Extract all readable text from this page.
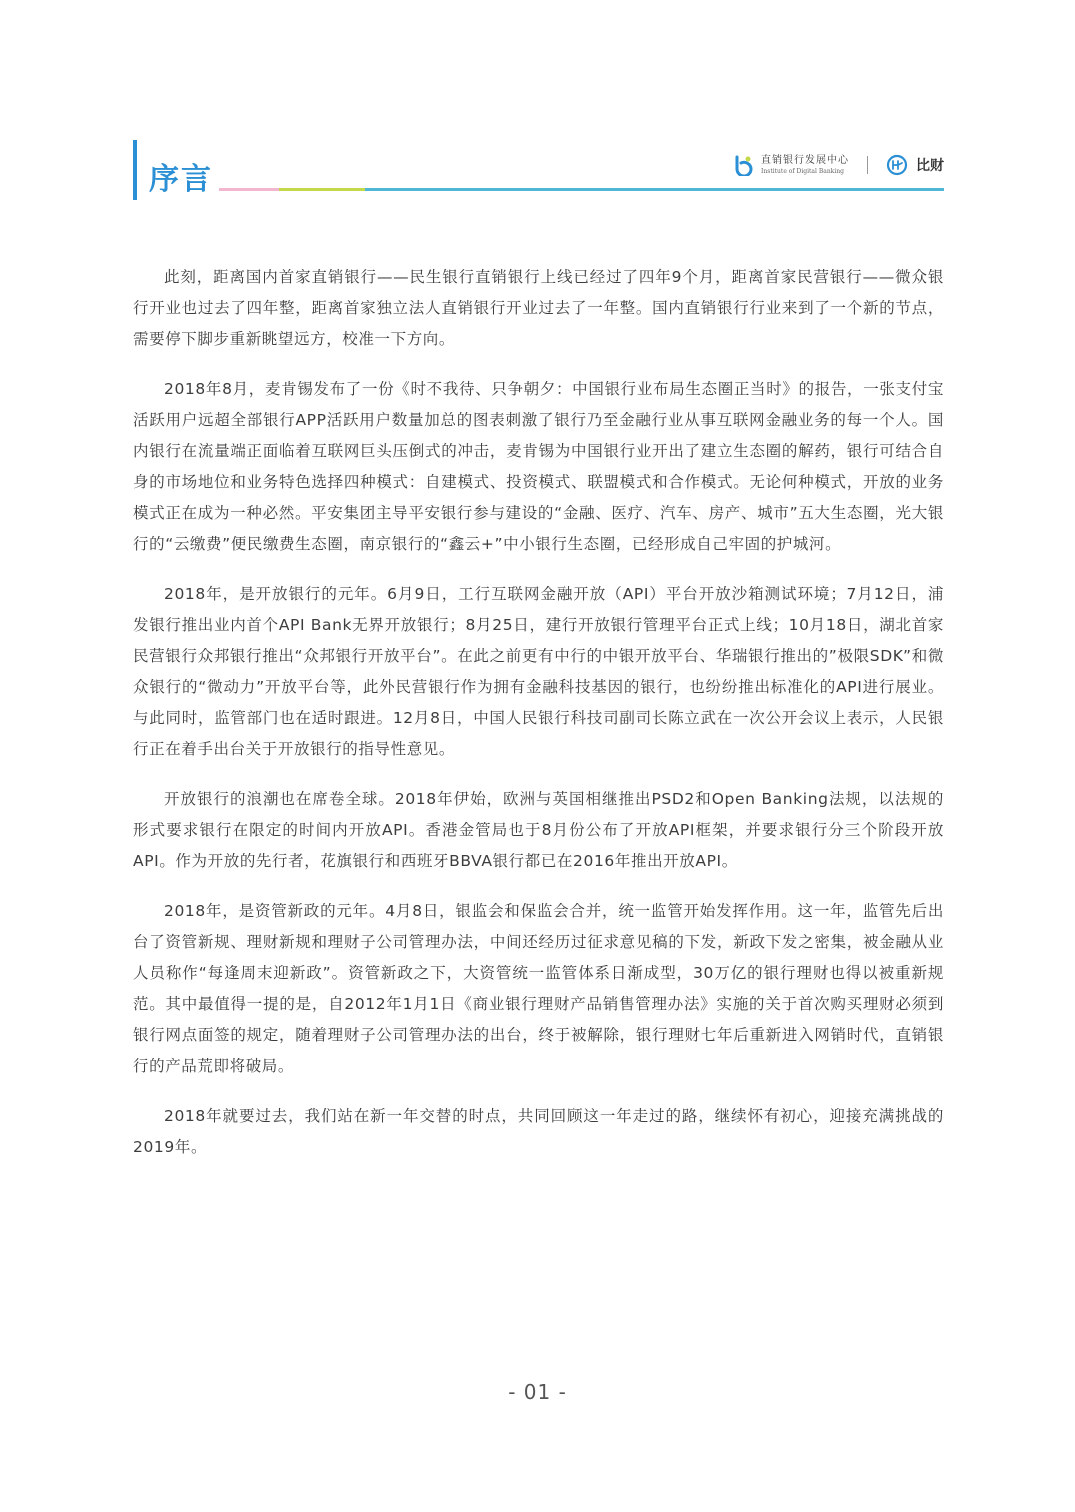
序言
直销银行发展中心
Institute of Digital Banking	比财

此刻，距离国内首家直销银行——民生银行直销银行上线已经过了四年9个月，距离首家民营银行——微众银行开业也过去了四年整，距离首家独立法人直销银行开业过去了一年整。国内直销银行行业来到了一个新的节点，需要停下脚步重新眺望远方，校准一下方向。

2018年8月，麦肯锡发布了一份《时不我待、只争朝夕：中国银行业布局生态圈正当时》的报告，一张支付宝活跃用户远超全部银行APP活跃用户数量加总的图表刺激了银行乃至金融行业从事互联网金融业务的每一个人。国内银行在流量端正面临着互联网巨头压倒式的冲击，麦肯锡为中国银行业开出了建立生态圈的解药，银行可结合自身的市场地位和业务特色选择四种模式：自建模式、投资模式、联盟模式和合作模式。无论何种模式，开放的业务模式正在成为一种必然。平安集团主导平安银行参与建设的“金融、医疗、汽车、房产、城市”五大生态圈，光大银行的“云缴费”便民缴费生态圈，南京银行的“鑫云+”中小银行生态圈，已经形成自己牢固的护城河。

2018年，是开放银行的元年。6月9日，工行互联网金融开放（API）平台开放沙箱测试环境；7月12日，浦发银行推出业内首个API Bank无界开放银行；8月25日，建行开放银行管理平台正式上线；10月18日，湖北首家民营银行众邦银行推出“众邦银行开放平台”。在此之前更有中行的中银开放平台、华瑞银行推出的”极限SDK”和微众银行的“微动力”开放平台等，此外民营银行作为拥有金融科技基因的银行，也纷纷推出标准化的API进行展业。与此同时，监管部门也在适时跟进。12月8日，中国人民银行科技司副司长陈立武在一次公开会议上表示，人民银行正在着手出台关于开放银行的指导性意见。

开放银行的浪潮也在席卷全球。2018年伊始，欧洲与英国相继推出PSD2和Open Banking法规，以法规的形式要求银行在限定的时间内开放API。香港金管局也于8月份公布了开放API框架，并要求银行分三个阶段开放API。作为开放的先行者，花旗银行和西班牙BBVA银行都已在2016年推出开放API。

2018年，是资管新政的元年。4月8日，银监会和保监会合并，统一监管开始发挥作用。这一年，监管先后出台了资管新规、理财新规和理财子公司管理办法，中间还经历过征求意见稿的下发，新政下发之密集，被金融从业人员称作“每逢周末迎新政”。资管新政之下，大资管统一监管体系日渐成型，30万亿的银行理财也得以被重新规范。其中最值得一提的是，自2012年1月1日《商业银行理财产品销售管理办法》实施的关于首次购买理财必须到银行网点面签的规定，随着理财子公司管理办法的出台，终于被解除，银行理财七年后重新进入网销时代，直销银行的产品荒即将破局。

2018年就要过去，我们站在新一年交替的时点，共同回顾这一年走过的路，继续怀有初心，迎接充满挑战的2019年。

- 01 -
